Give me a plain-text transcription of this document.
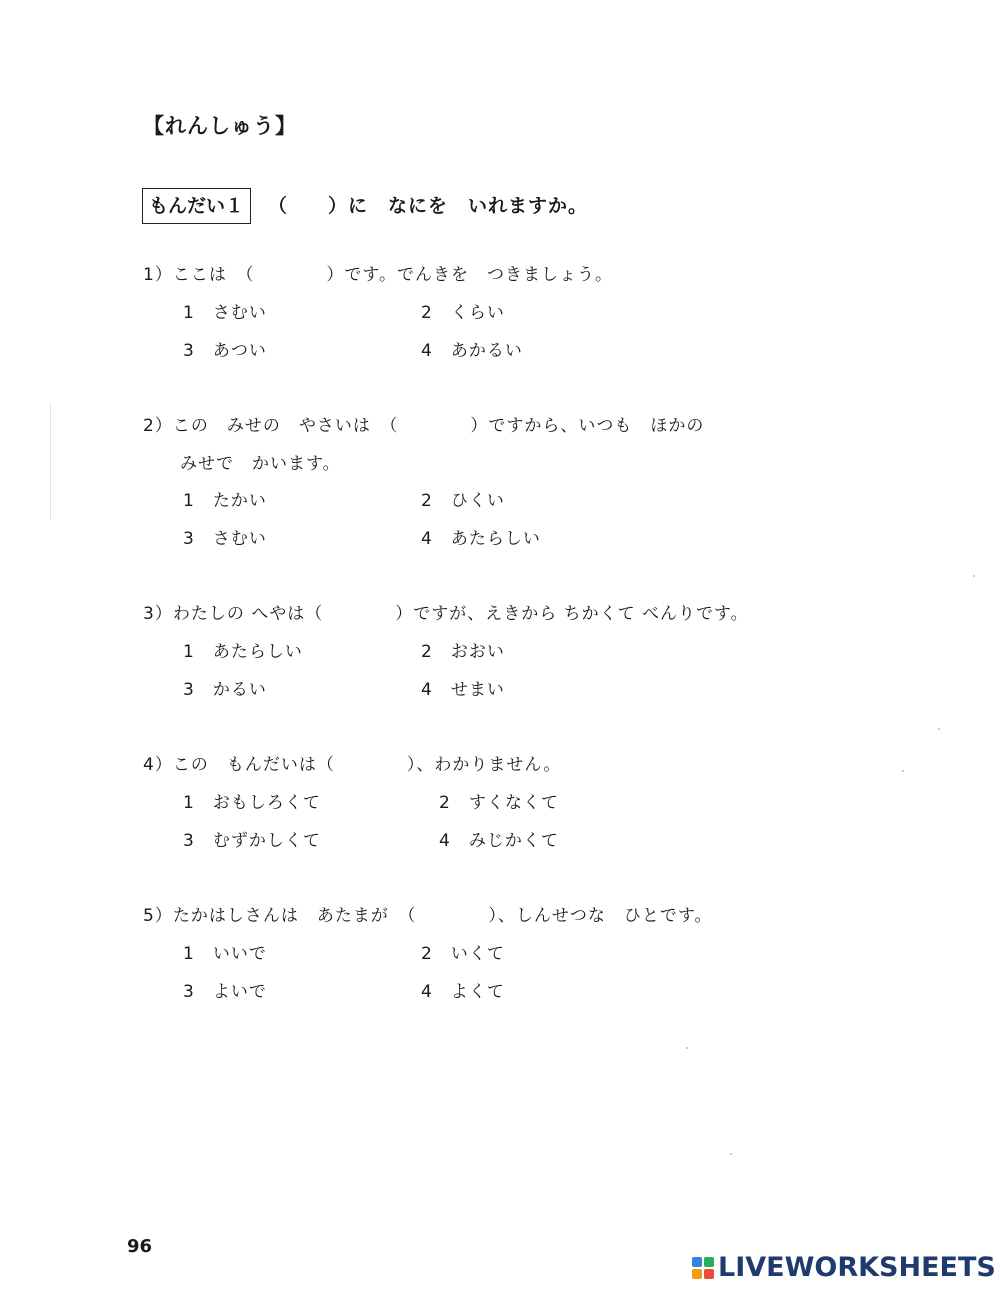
【れんしゅう】
もんだい１	（　　）に　なにを　いれますか。
1）ここは　（　　　　）です。でんきを　つきましょう。
1　さむい	2　くらい
3　あつい	4　あかるい
2）この　みせの　やさいは　（　　　　）ですから、いつも　ほかの
みせで　かいます。
1　たかい	2　ひくい
3　さむい	4　あたらしい
3）わたしの へやは（　　　　）ですが、えきから ちかくて べんりです。
1　あたらしい	2　おおい
3　かるい	4　せまい
4）この　もんだいは（　　　　）、わかりません。
1　おもしろくて	2　すくなくて
3　むずかしくて	4　みじかくて
5）たかはしさんは　あたまが　（　　　　）、しんせつな　ひとです。
1　いいで	2　いくて
3　よいで	4　よくて
96
LIVEWORKSHEETS
